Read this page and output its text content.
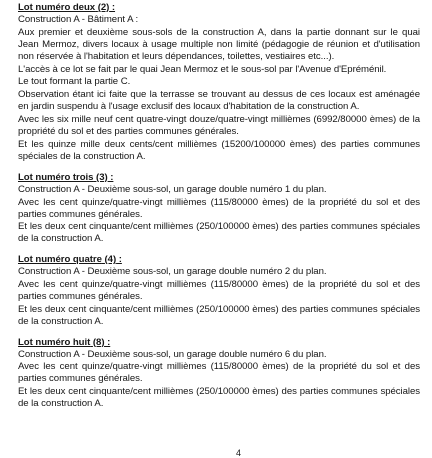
Lot numéro deux (2) :

Construction A - Bâtiment A :

Aux premier et deuxième sous-sols de la construction A, dans la partie donnant sur le quai Jean Mermoz, divers locaux à usage multiple non limité (pédagogie de réunion et d'utilisation non réservée à l'habitation et leurs dépendances, toilettes, vestiaires etc...).

L'accès à ce lot se fait par le quai Jean Mermoz et le sous-sol par l'Avenue d'Epréménil.

Le tout formant la partie C.

Observation étant ici faite que la terrasse se trouvant au dessus de ces locaux est aménagée en jardin suspendu à l'usage exclusif des locaux d'habitation de la construction A.

Avec les six mille neuf cent quatre-vingt douze/quatre-vingt millièmes (6992/80000 èmes) de la propriété du sol et des parties communes générales.

Et les quinze mille deux cents/cent millièmes (15200/100000 èmes) des parties communes spéciales de la construction A.

Lot numéro trois (3) :

Construction A - Deuxième sous-sol, un garage double numéro 1 du plan.

Avec les cent quinze/quatre-vingt millièmes (115/80000 èmes) de la propriété du sol et des parties communes générales.

Et les deux cent cinquante/cent millièmes (250/100000 èmes) des parties communes spéciales de la construction A.

Lot numéro quatre (4) :

Construction A - Deuxième sous-sol, un garage double numéro 2 du plan.

Avec les cent quinze/quatre-vingt millièmes (115/80000 èmes) de la propriété du sol et des parties communes générales.

Et les deux cent cinquante/cent millièmes (250/100000 èmes) des parties communes spéciales de la construction A.

Lot numéro huit (8) :

Construction A - Deuxième sous-sol, un garage double numéro 6 du plan.

Avec les cent quinze/quatre-vingt millièmes (115/80000 èmes) de la propriété du sol et des parties communes générales.

Et les deux cent cinquante/cent millièmes (250/100000 èmes) des parties communes spéciales de la construction A.

4
